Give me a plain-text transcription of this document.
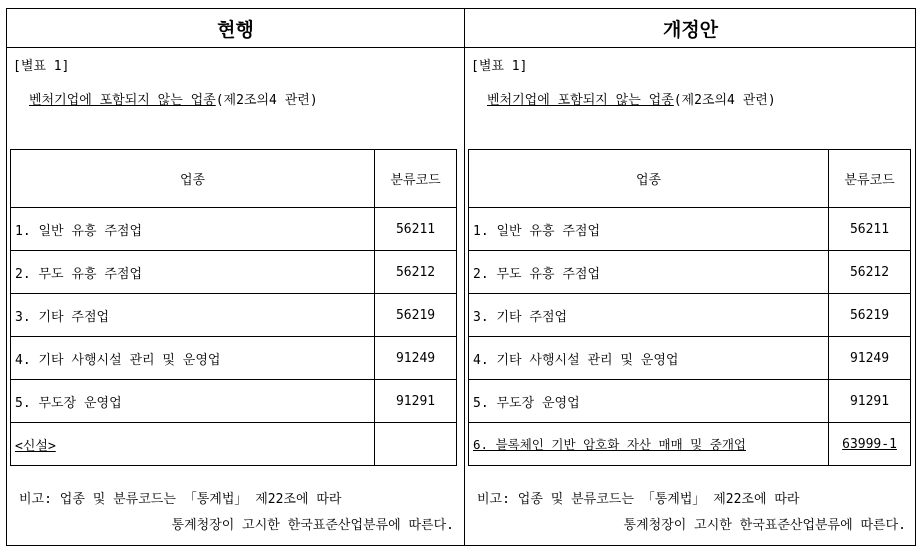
현행
[별표 1]
벤처기업에 포함되지 않는 업종(제2조의4 관련)
업종	분류코드
1. 일반 유흥 주점업	56211
2. 무도 유흥 주점업	56212
3. 기타 주점업	56219
4. 기타 사행시설 관리 및 운영업	91249
5. 무도장 운영업	91291
<신설>	
비고: 업종 및 분류코드는 「통계법」 제22조에 따라
통계청장이 고시한 한국표준산업분류에 따른다.
개정안
[별표 1]
벤처기업에 포함되지 않는 업종(제2조의4 관련)
업종	분류코드
1. 일반 유흥 주점업	56211
2. 무도 유흥 주점업	56212
3. 기타 주점업	56219
4. 기타 사행시설 관리 및 운영업	91249
5. 무도장 운영업	91291
6. 블록체인 기반 암호화 자산 매매 및 중개업	63999-1
비고: 업종 및 분류코드는 「통계법」 제22조에 따라
통계청장이 고시한 한국표준산업분류에 따른다.
